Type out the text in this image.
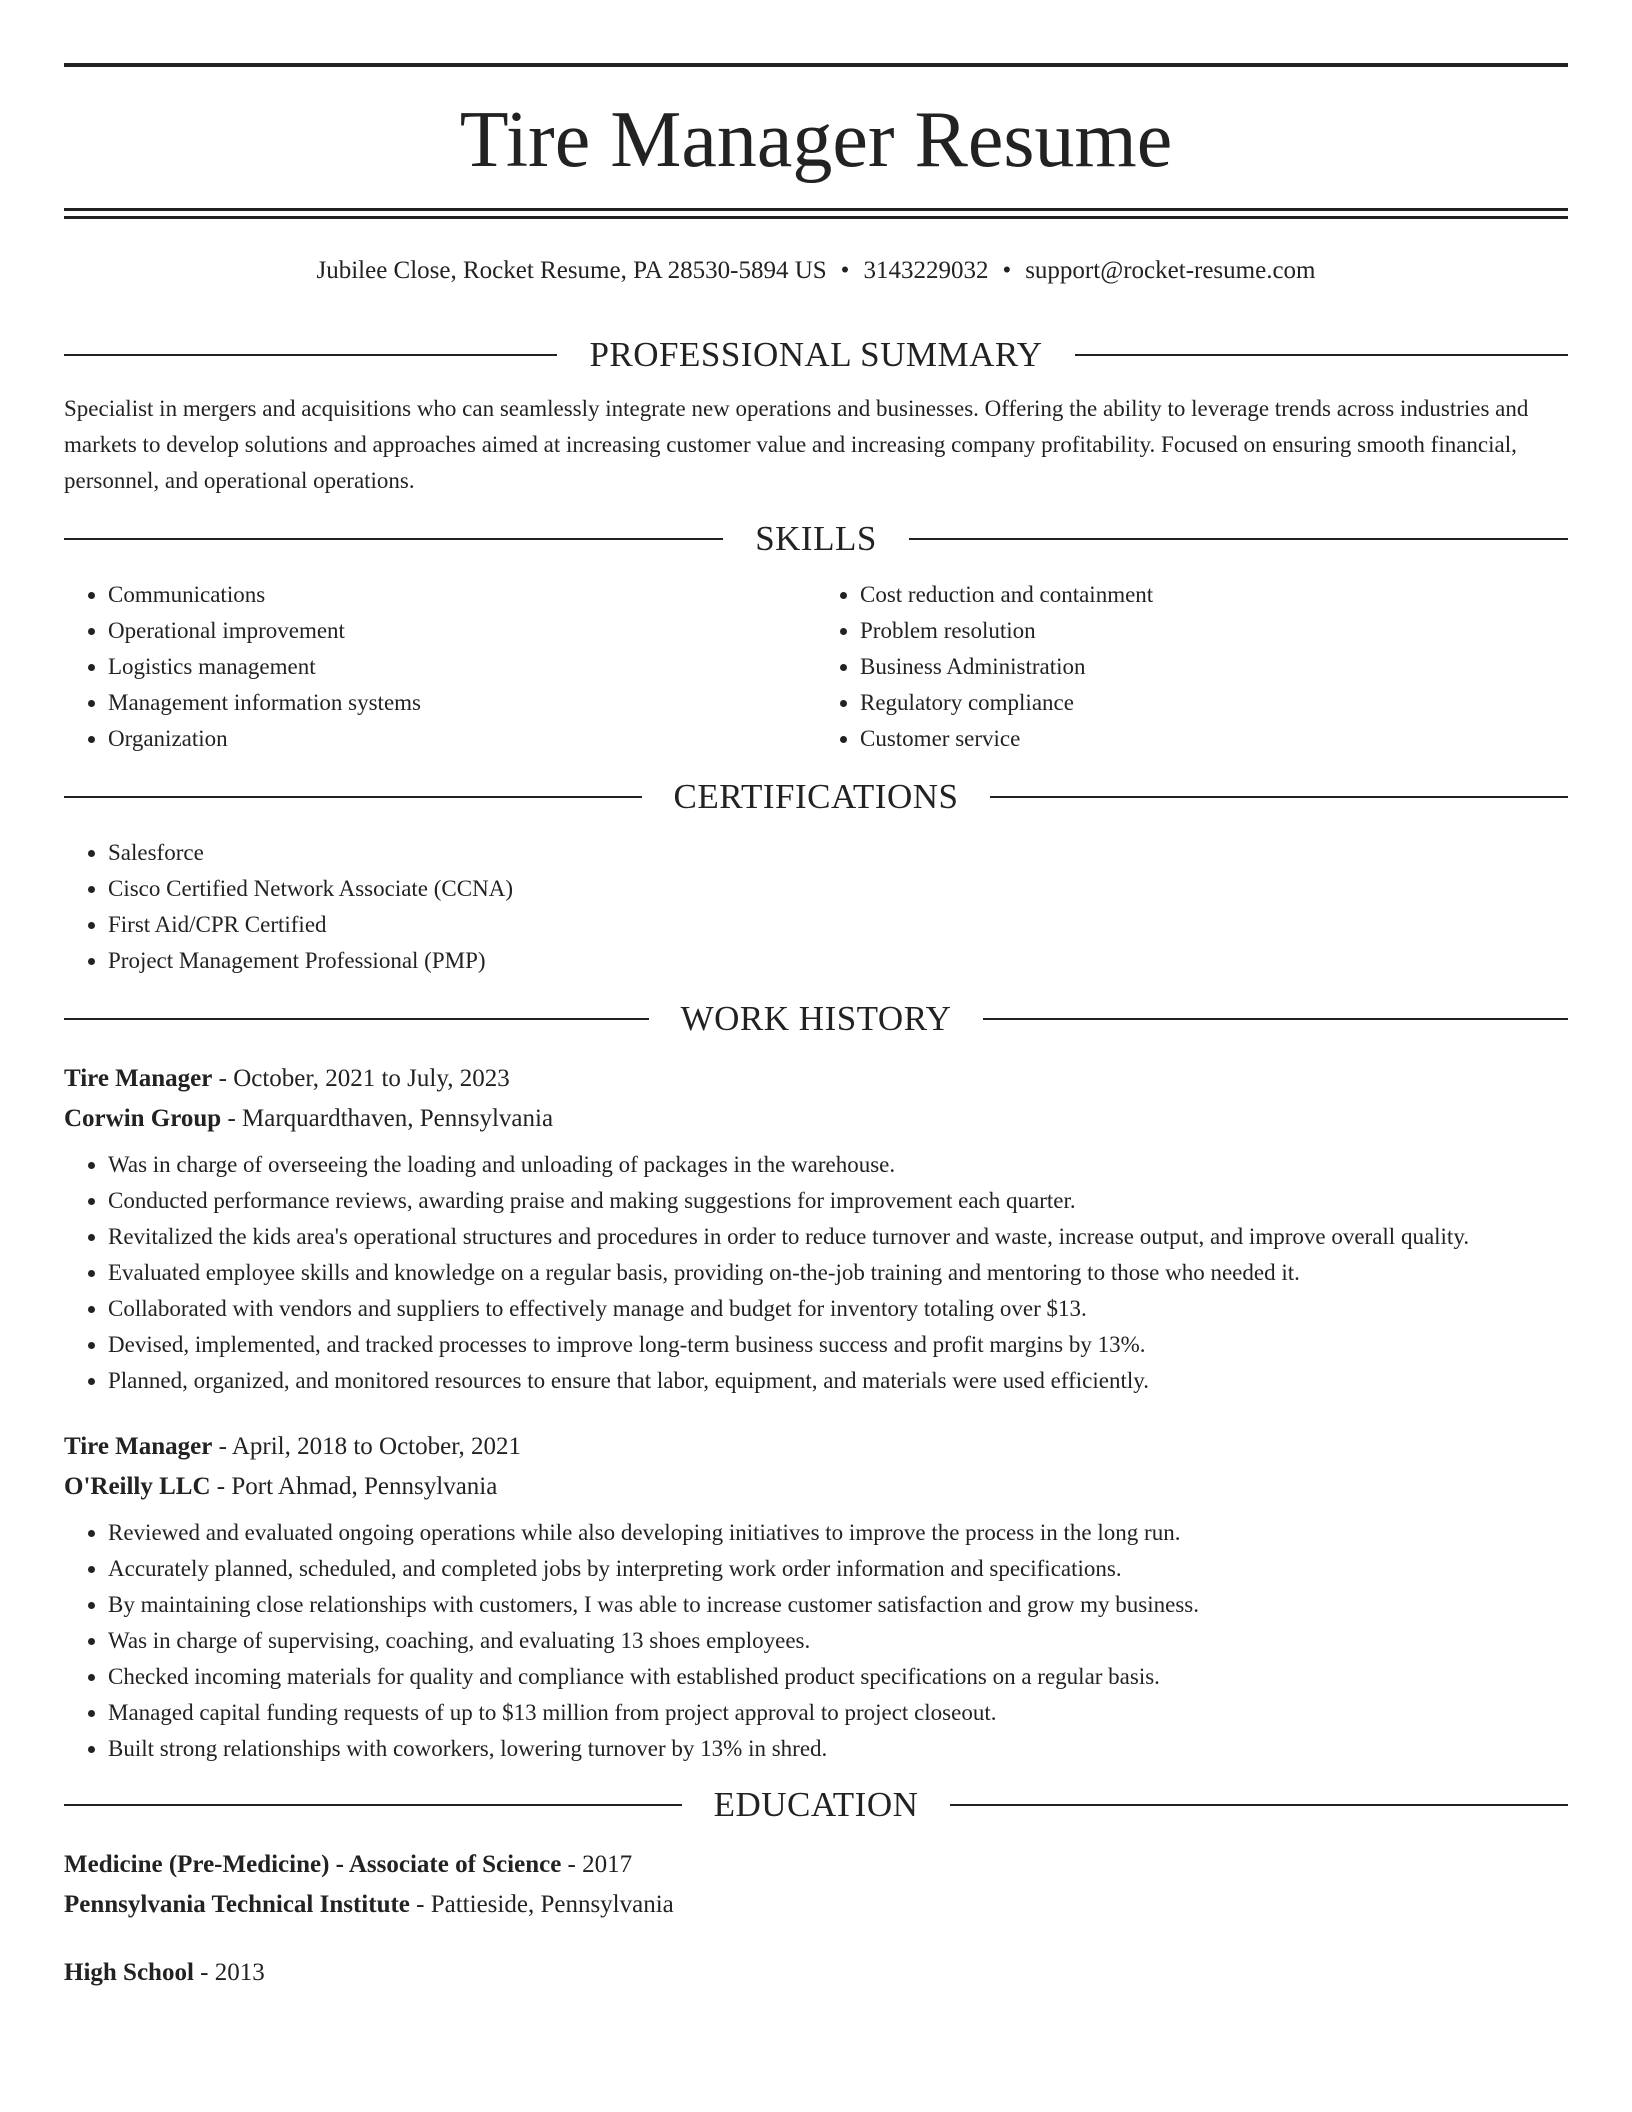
Tire Manager Resume
Jubilee Close, Rocket Resume, PA 28530-5894 US • 3143229032 • support@rocket-resume.com
PROFESSIONAL SUMMARY

Specialist in mergers and acquisitions who can seamlessly integrate new operations and businesses. Offering the ability to leverage trends across industries and markets to develop solutions and approaches aimed at increasing customer value and increasing company profitability. Focused on ensuring smooth financial, personnel, and operational operations.

SKILLS
• Communications
• Operational improvement
• Logistics management
• Management information systems
• Organization
• Cost reduction and containment
• Problem resolution
• Business Administration
• Regulatory compliance
• Customer service
CERTIFICATIONS
• Salesforce
• Cisco Certified Network Associate (CCNA)
• First Aid/CPR Certified
• Project Management Professional (PMP)
WORK HISTORY
Tire Manager - October, 2021 to July, 2023
Corwin Group - Marquardthaven, Pennsylvania
• Was in charge of overseeing the loading and unloading of packages in the warehouse.
• Conducted performance reviews, awarding praise and making suggestions for improvement each quarter.
• Revitalized the kids area's operational structures and procedures in order to reduce turnover and waste, increase output, and improve overall quality.
• Evaluated employee skills and knowledge on a regular basis, providing on-the-job training and mentoring to those who needed it.
• Collaborated with vendors and suppliers to effectively manage and budget for inventory totaling over $13.
• Devised, implemented, and tracked processes to improve long-term business success and profit margins by 13%.
• Planned, organized, and monitored resources to ensure that labor, equipment, and materials were used efficiently.
Tire Manager - April, 2018 to October, 2021
O'Reilly LLC - Port Ahmad, Pennsylvania
• Reviewed and evaluated ongoing operations while also developing initiatives to improve the process in the long run.
• Accurately planned, scheduled, and completed jobs by interpreting work order information and specifications.
• By maintaining close relationships with customers, I was able to increase customer satisfaction and grow my business.
• Was in charge of supervising, coaching, and evaluating 13 shoes employees.
• Checked incoming materials for quality and compliance with established product specifications on a regular basis.
• Managed capital funding requests of up to $13 million from project approval to project closeout.
• Built strong relationships with coworkers, lowering turnover by 13% in shred.
EDUCATION
Medicine (Pre-Medicine) - Associate of Science - 2017
Pennsylvania Technical Institute - Pattieside, Pennsylvania
High School - 2013
